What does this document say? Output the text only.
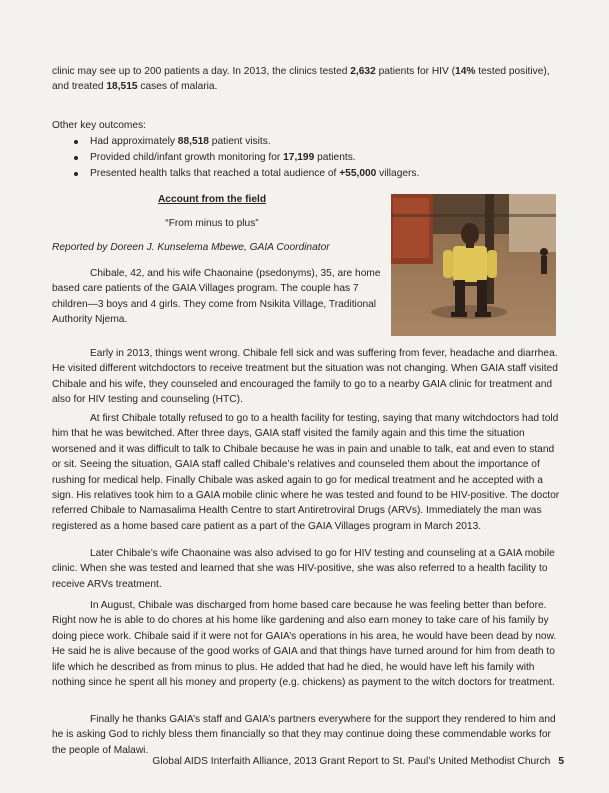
clinic may see up to 200 patients a day. In 2013, the clinics tested 2,632 patients for HIV (14% tested positive), and treated 18,515 cases of malaria.

Other key outcomes:

Had approximately 88,518 patient visits.
Provided child/infant growth monitoring for 17,199 patients.
Presented health talks that reached a total audience of +55,000 villagers.

Account from the field

“From minus to plus”

Reported by Doreen J. Kunselema Mbewe, GAIA Coordinator

Chibale, 42, and his wife Chaonaine (psedonyms), 35, are home based care patients of the GAIA Villages program. The couple has 7 children—3 boys and 4 girls. They come from Nsikita Village, Traditional Authority Njema.

Early in 2013, things went wrong. Chibale fell sick and was suffering from fever, headache and diarrhea. He visited different witchdoctors to receive treatment but the situation was not changing. When GAIA staff visited Chibale and his wife, they counseled and encouraged the family to go to a nearby GAIA clinic for treatment and also for HIV testing and counseling (HTC).

At first Chibale totally refused to go to a health facility for testing, saying that many witchdoctors had told him that he was bewitched. After three days, GAIA staff visited the family again and this time the situation worsened and it was difficult to talk to Chibale because he was in pain and unable to talk, eat and even to stand or sit. Seeing the situation, GAIA staff called Chibale’s relatives and counseled them about the importance of rushing for medical help. Finally Chibale was asked again to go for medical treatment and he accepted with a sign. His relatives took him to a GAIA mobile clinic where he was tested and found to be HIV-positive. The doctor referred Chibale to Namasalima Health Centre to start Antiretroviral Drugs (ARVs). Immediately the man was registered as a home based care patient as a part of the GAIA Villages program in March 2013.

Later Chibale’s wife Chaonaine was also advised to go for HIV testing and counseling at a GAIA mobile clinic. When she was tested and learned that she was HIV-positive, she was also referred to a health facility to receive ARVs treatment.

In August, Chibale was discharged from home based care because he was feeling better than before. Right now he is able to do chores at his home like gardening and also earn money to take care of his family by doing piece work. Chibale said if it were not for GAIA’s operations in his area, he would have been dead by now. He said he is alive because of the good works of GAIA and that things have turned around for him from death to life which he described as from minus to plus. He added that had he died, he would have left his family with nothing since he spent all his money and property (e.g. chickens) as payment to the witch doctors for treatment.

Finally he thanks GAIA’s staff and GAIA’s partners everywhere for the support they rendered to him and he is asking God to richly bless them financially so that they may continue doing these commendable works for the people of Malawi.

Global AIDS Interfaith Alliance, 2013 Grant Report to St. Paul’s United Methodist Church 5
